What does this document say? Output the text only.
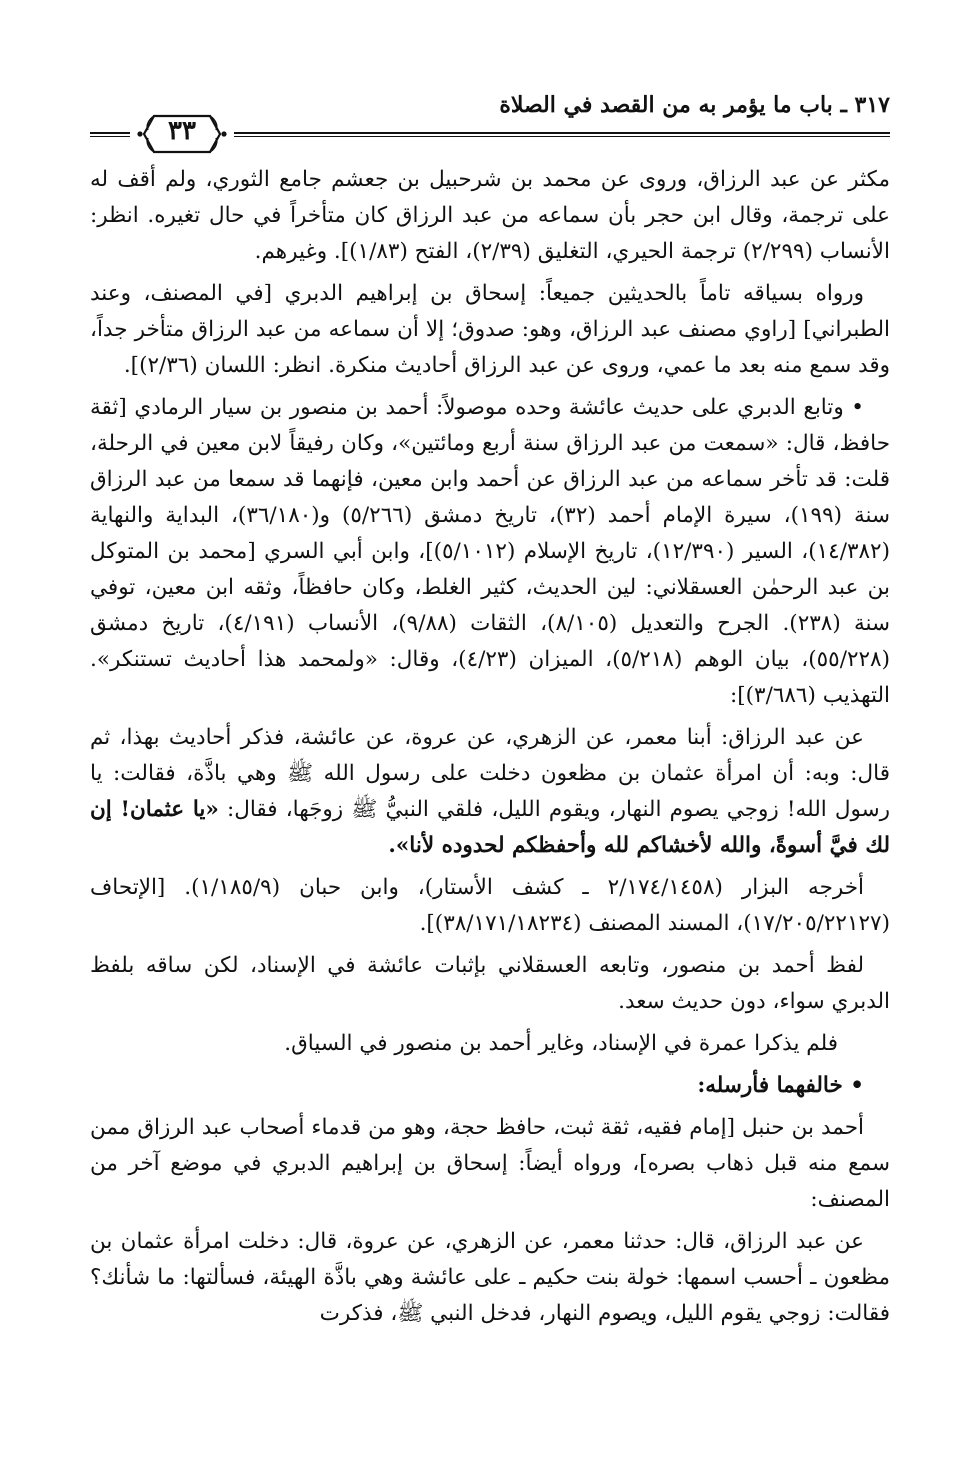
٣١٧ ـ باب ما يؤمر به من القصد في الصلاة
٣٣

مكثر عن عبد الرزاق، وروى عن محمد بن شرحبيل بن جعشم جامع الثوري، ولم أقف له على ترجمة، وقال ابن حجر بأن سماعه من عبد الرزاق كان متأخراً في حال تغيره. انظر: الأنساب (٢/٢٩٩) ترجمة الحيري، التغليق (٢/٣٩)، الفتح (١/٨٣)]. وغيرهم.

ورواه بسياقه تاماً بالحديثين جميعاً: إسحاق بن إبراهيم الدبري [في المصنف، وعند الطبراني] [راوي مصنف عبد الرزاق، وهو: صدوق؛ إلا أن سماعه من عبد الرزاق متأخر جداً، وقد سمع منه بعد ما عمي، وروى عن عبد الرزاق أحاديث منكرة. انظر: اللسان (٢/٣٦)].

• وتابع الدبري على حديث عائشة وحده موصولاً: أحمد بن منصور بن سيار الرمادي [ثقة حافظ، قال: «سمعت من عبد الرزاق سنة أربع ومائتين»، وكان رفيقاً لابن معين في الرحلة، قلت: قد تأخر سماعه من عبد الرزاق عن أحمد وابن معين، فإنهما قد سمعا من عبد الرزاق سنة (١٩٩)، سيرة الإمام أحمد (٣٢)، تاريخ دمشق (٥/٢٦٦) و(٣٦/١٨٠)، البداية والنهاية (١٤/٣٨٢)، السير (١٢/٣٩٠)، تاريخ الإسلام (٥/١٠١٢)]، وابن أبي السري [محمد بن المتوكل بن عبد الرحمٰن العسقلاني: لين الحديث، كثير الغلط، وكان حافظاً، وثقه ابن معين، توفي سنة (٢٣٨). الجرح والتعديل (٨/١٠٥)، الثقات (٩/٨٨)، الأنساب (٤/١٩١)، تاريخ دمشق (٥٥/٢٢٨)، بيان الوهم (٥/٢١٨)، الميزان (٤/٢٣)، وقال: «ولمحمد هذا أحاديث تستنكر». التهذيب (٣/٦٨٦)]:

عن عبد الرزاق: أبنا معمر، عن الزهري، عن عروة، عن عائشة، فذكر أحاديث بهذا، ثم قال: وبه: أن امرأة عثمان بن مظعون دخلت على رسول الله ﷺ وهي باذَّة، فقالت: يا رسول الله! زوجي يصوم النهار، ويقوم الليل، فلقي النبيُّ ﷺ زوجَها، فقال: «يا عثمان! إن لك فيَّ أسوةً، والله لأخشاكم لله وأحفظكم لحدوده لأنا».

أخرجه البزار (٢/١٧٤/١٤٥٨ ـ كشف الأستار)، وابن حبان (١/١٨٥/٩). [الإتحاف (١٧/٢٠٥/٢٢١٢٧)، المسند المصنف (٣٨/١٧١/١٨٢٣٤)].

لفظ أحمد بن منصور، وتابعه العسقلاني بإثبات عائشة في الإسناد، لكن ساقه بلفظ الدبري سواء، دون حديث سعد.

فلم يذكرا عمرة في الإسناد، وغاير أحمد بن منصور في السياق.

• خالفهما فأرسله:

أحمد بن حنبل [إمام فقيه، ثقة ثبت، حافظ حجة، وهو من قدماء أصحاب عبد الرزاق ممن سمع منه قبل ذهاب بصره]، ورواه أيضاً: إسحاق بن إبراهيم الدبري في موضع آخر من المصنف:

عن عبد الرزاق، قال: حدثنا معمر، عن الزهري، عن عروة، قال: دخلت امرأة عثمان بن مظعون ـ أحسب اسمها: خولة بنت حكيم ـ على عائشة وهي باذَّة الهيئة، فسألتها: ما شأنك؟ فقالت: زوجي يقوم الليل، ويصوم النهار، فدخل النبي ﷺ، فذكرت
